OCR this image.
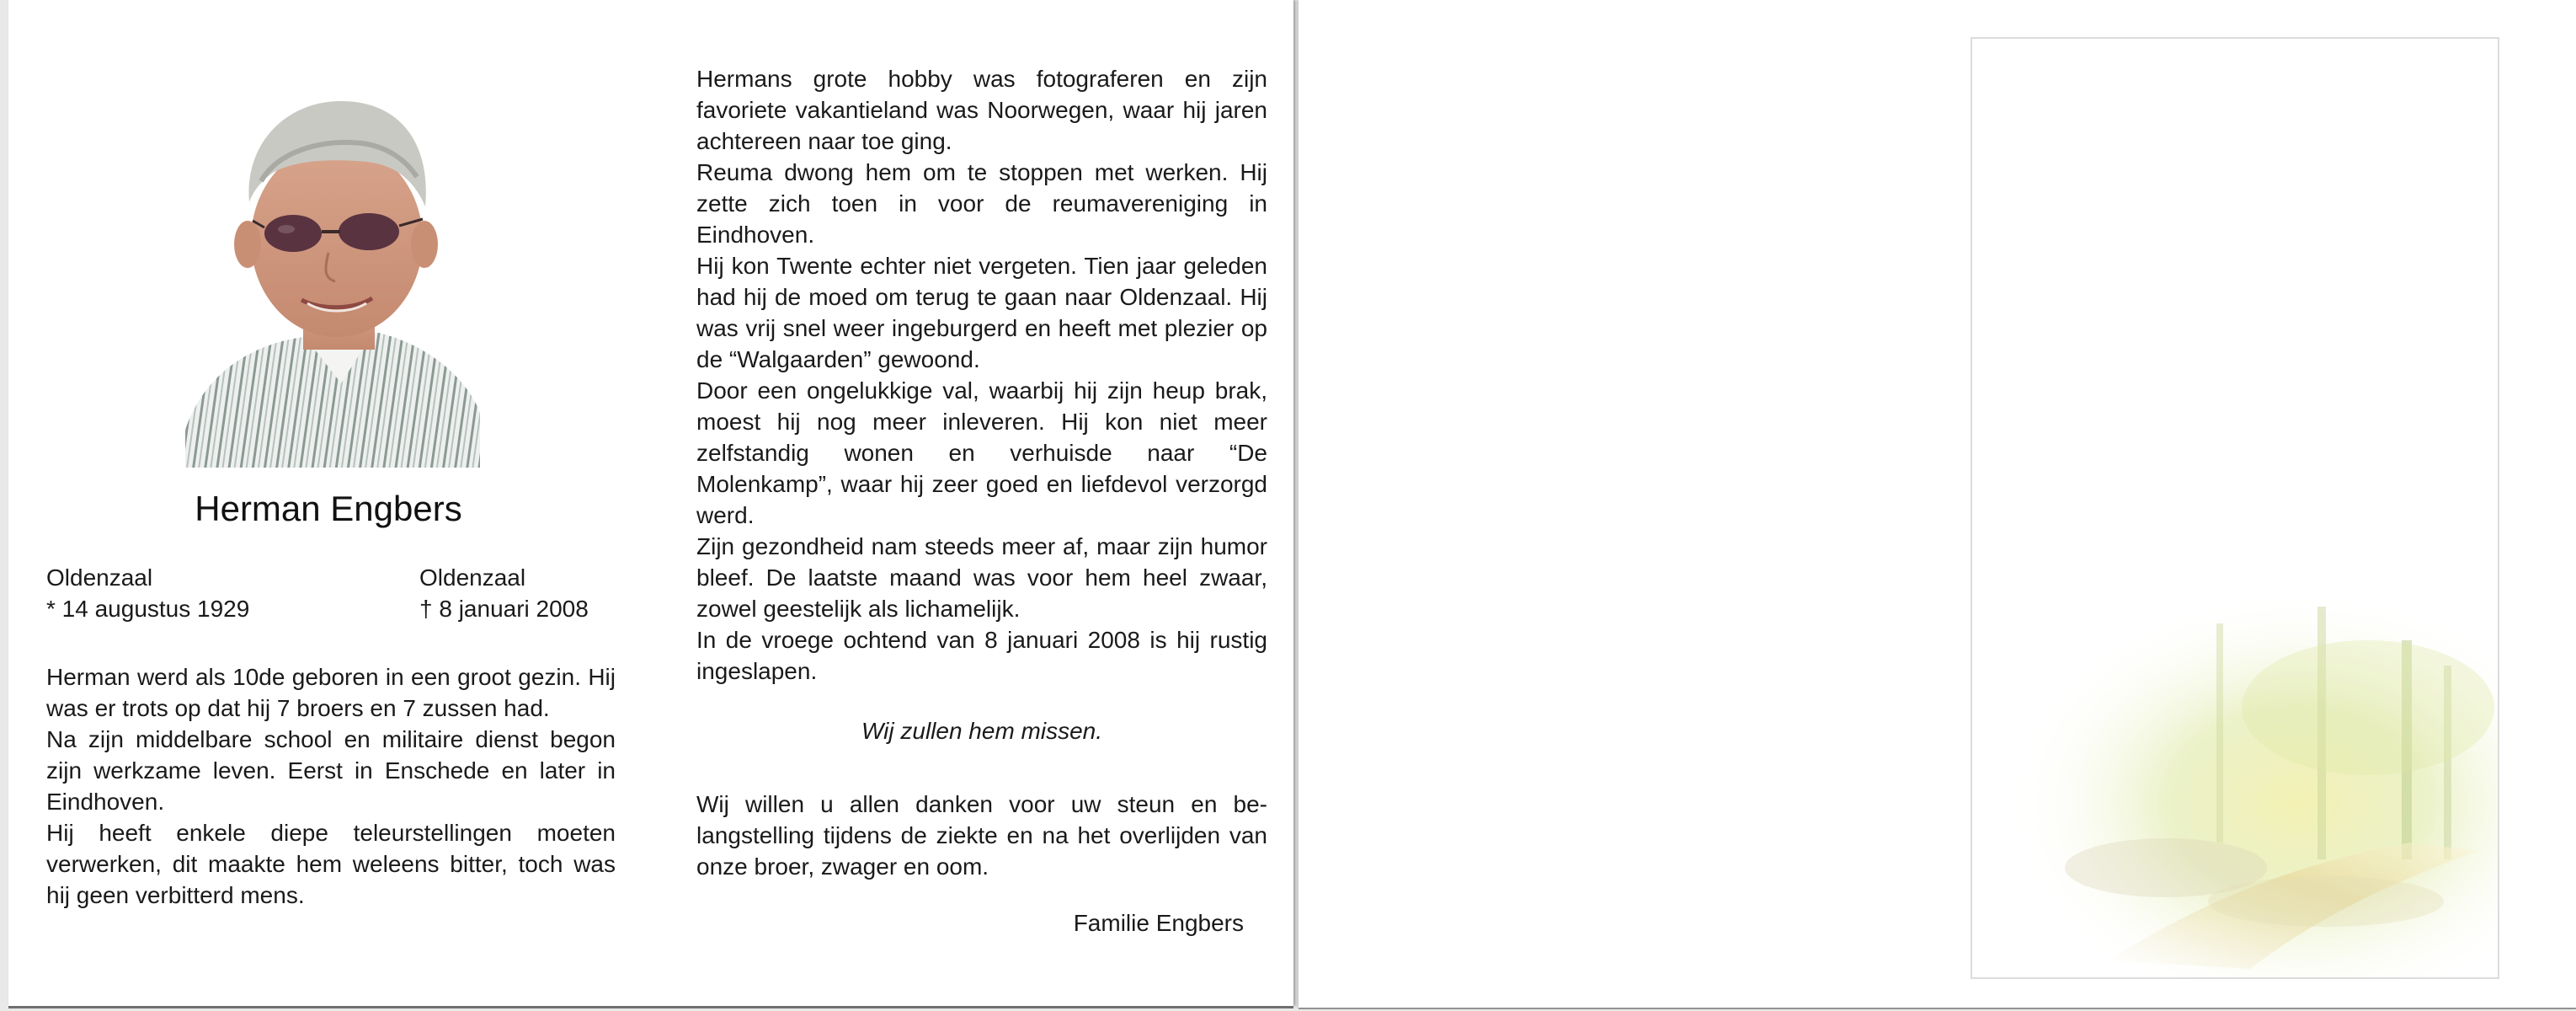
Herman Engbers
Oldenzaal
* 14 augustus 1929
Oldenzaal
† 8 januari 2008

Herman werd als 10de geboren in een groot gezin. Hij was er trots op dat hij 7 broers en 7 zussen had.

Na zijn middelbare school en militaire dienst begon zijn werkzame leven. Eerst in Enschede en later in Eindhoven.

Hij heeft enkele diepe teleurstellingen moeten verwerken, dit maakte hem weleens bitter, toch was hij geen verbitterd mens.

Hermans grote hobby was fotograferen en zijn favoriete vakantieland was Noorwegen, waar hij jaren achtereen naar toe ging.

Reuma dwong hem om te stoppen met werken. Hij zette zich toen in voor de reumavereniging in Eindhoven.

Hij kon Twente echter niet vergeten. Tien jaar geleden had hij de moed om terug te gaan naar Oldenzaal. Hij was vrij snel weer ingeburgerd en heeft met plezier op de “Walgaarden” gewoond.

Door een ongelukkige val, waarbij hij zijn heup brak, moest hij nog meer inleveren. Hij kon niet meer zelfstandig wonen en verhuisde naar “De Molenkamp”, waar hij zeer goed en liefdevol verzorgd werd.

Zijn gezondheid nam steeds meer af, maar zijn humor bleef. De laatste maand was voor hem heel zwaar, zowel geestelijk als lichamelijk.

In de vroege ochtend van 8 januari 2008 is hij rustig ingeslapen.

Wij zullen hem missen.
Wij willen u allen danken voor uw steun en be-langstelling tijdens de ziekte en na het overlijden van onze broer, zwager en oom.
Familie Engbers
